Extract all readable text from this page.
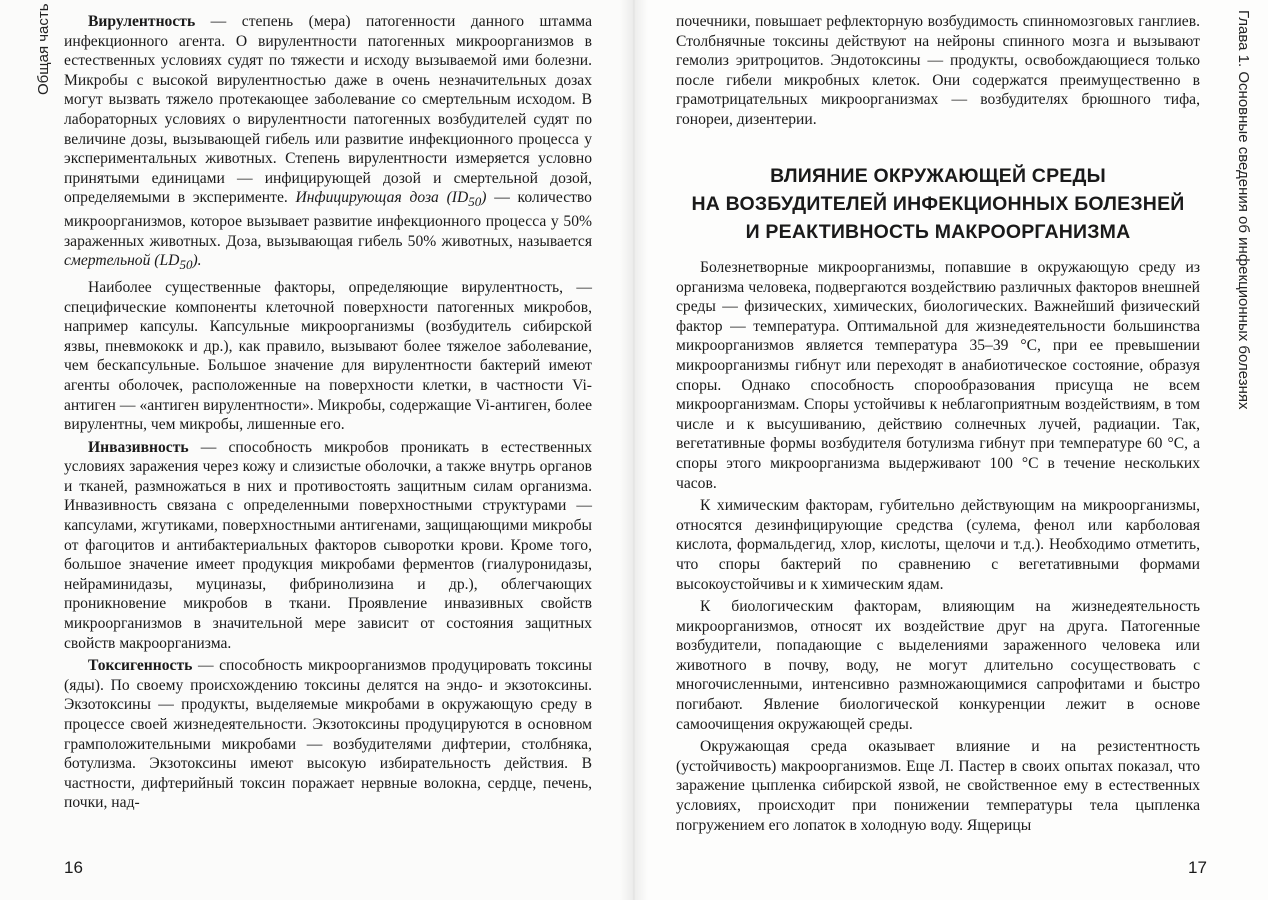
Общая часть	Вирулентность — степень (мера) патогенности данного штамма инфекционного агента. О вирулентности патогенных микроорганизмов в естественных условиях судят по тяжести и исходу вызываемой ими болезни. Микробы с высокой вирулентностью даже в очень незначительных дозах могут вызвать тяжело протекающее заболевание со смертельным исходом. В лабораторных условиях о вирулентности патогенных возбудителей судят по величине дозы, вызывающей гибель или развитие инфекционного процесса у экспериментальных животных. Степень вирулентности измеряется условно принятыми единицами — инфицирующей дозой и смертельной дозой, определяемыми в эксперименте. Инфицирующая доза $(ID_{50})$ — количество микроорганизмов, которое вызывает развитие инфекционного процесса у 50% зараженных животных. Доза, вызывающая гибель 50% животных, называется смертельной $(LD_{50})$.

Наиболее существенные факторы, определяющие вирулентность, — специфические компоненты клеточной поверхности патогенных микробов, например капсулы. Капсульные микроорганизмы (возбудитель сибирской язвы, пневмококк и др.), как правило, вызывают более тяжелое заболевание, чем бескапсульные. Большое значение для вирулентности бактерий имеют агенты оболочек, расположенные на поверхности клетки, в частности Vi-антиген — «антиген вирулентности». Микробы, содержащие Vi-антиген, более вирулентны, чем микробы, лишенные его.

Инвазивность — способность микробов проникать в естественных условиях заражения через кожу и слизистые оболочки, а также внутрь органов и тканей, размножаться в них и противостоять защитным силам организма. Инвазивность связана с определенными поверхностными структурами — капсулами, жгутиками, поверхностными антигенами, защищающими микробы от фагоцитов и антибактериальных факторов сыворотки крови. Кроме того, большое значение имеет продукция микробами ферментов (гиалуронидазы, нейраминидазы, муциназы, фибринолизина и др.), облегчающих проникновение микробов в ткани. Проявление инвазивных свойств микроорганизмов в значительной мере зависит от состояния защитных свойств макроорганизма.

Токсигенность — способность микроорганизмов продуцировать токсины (яды). По своему происхождению токсины делятся на эндо- и экзотоксины. Экзотоксины — продукты, выделяемые микробами в окружающую среду в процессе своей жизнедеятельности. Экзотоксины продуцируются в основном грамположительными микробами — возбудителями дифтерии, столбняка, ботулизма. Экзотоксины имеют высокую избирательность действия. В частности, дифтерийный токсин поражает нервные волокна, сердце, печень, почки, над-

16
Глава 1. Основные сведения об инфекционных болезнях

почечники, повышает рефлекторную возбудимость спинномозговых ганглиев. Столбнячные токсины действуют на нейроны спинного мозга и вызывают гемолиз эритроцитов. Эндотоксины — продукты, освобождающиеся только после гибели микробных клеток. Они содержатся преимущественно в грамотрицательных микроорганизмах — возбудителях брюшного тифа, гонореи, дизентерии.

ВЛИЯНИЕ ОКРУЖАЮЩЕЙ СРЕДЫ
НА ВОЗБУДИТЕЛЕЙ ИНФЕКЦИОННЫХ БОЛЕЗНЕЙ
И РЕАКТИВНОСТЬ МАКРООРГАНИЗМА

Болезнетворные микроорганизмы, попавшие в окружающую среду из организма человека, подвергаются воздействию различных факторов внешней среды — физических, химических, биологических. Важнейший физический фактор — температура. Оптимальной для жизнедеятельности большинства микроорганизмов является температура 35–39 °С, при ее превышении микроорганизмы гибнут или переходят в анабиотическое состояние, образуя споры. Однако способность спорообразования присуща не всем микроорганизмам. Споры устойчивы к неблагоприятным воздействиям, в том числе и к высушиванию, действию солнечных лучей, радиации. Так, вегетативные формы возбудителя ботулизма гибнут при температуре 60 °С, а споры этого микроорганизма выдерживают 100 °С в течение нескольких часов.

К химическим факторам, губительно действующим на микроорганизмы, относятся дезинфицирующие средства (сулема, фенол или карболовая кислота, формальдегид, хлор, кислоты, щелочи и т.д.). Необходимо отметить, что споры бактерий по сравнению с вегетативными формами высокоустойчивы и к химическим ядам.

К биологическим факторам, влияющим на жизнедеятельность микроорганизмов, относят их воздействие друг на друга. Патогенные возбудители, попадающие с выделениями зараженного человека или животного в почву, воду, не могут длительно сосуществовать с многочисленными, интенсивно размножающимися сапрофитами и быстро погибают. Явление биологической конкуренции лежит в основе самоочищения окружающей среды.

Окружающая среда оказывает влияние и на резистентность (устойчивость) макроорганизмов. Еще Л. Пастер в своих опытах показал, что заражение цыпленка сибирской язвой, не свойственное ему в естественных условиях, происходит при понижении температуры тела цыпленка погружением его лопаток в холодную воду. Ящерицы

17
